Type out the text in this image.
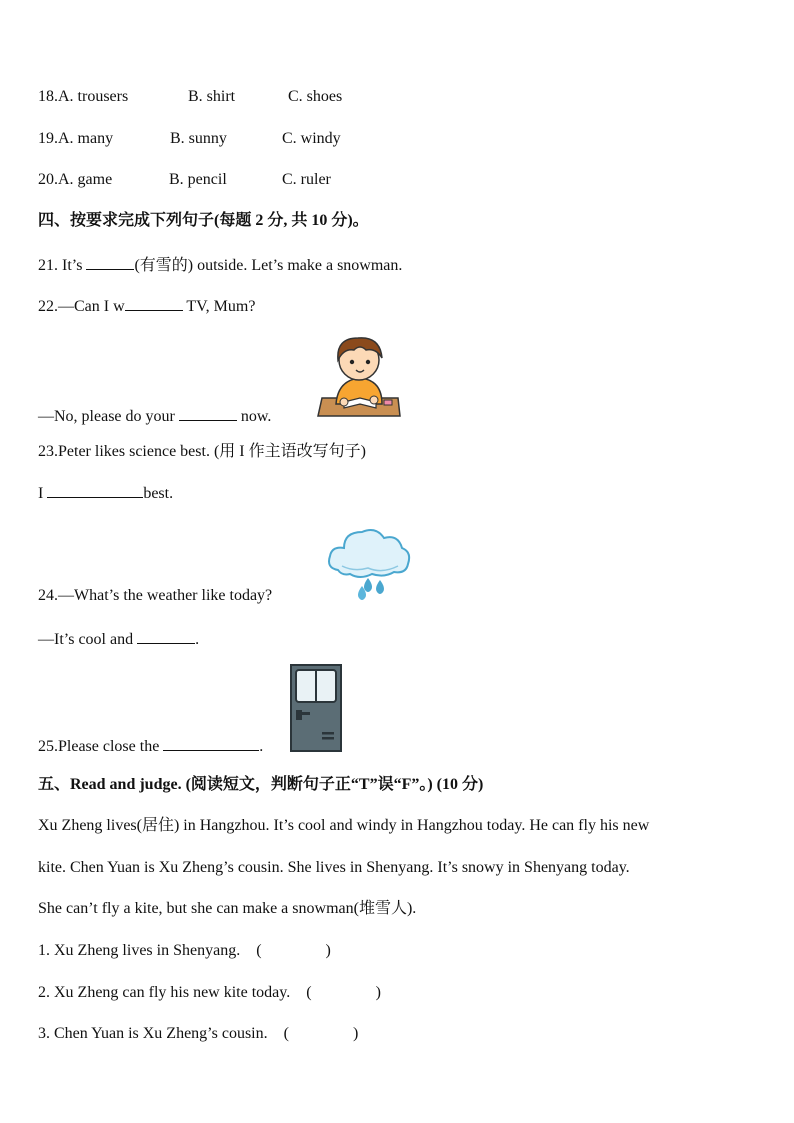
18.A. trousers	B. shirt	C. shoes
19.A. many	B. sunny	C. windy
20.A. game	B. pencil	C. ruler
四、按要求完成下列句子(每题 2 分, 共 10 分)。
21. It’s	(有雪的) outside. Let’s make a snowman.
22.—Can I w	TV, Mum?
—No, please do your	now.
23.Peter likes science best. (用 I 作主语改写句子)
I	best.
24.—What’s the weather like today?
—It’s cool and	.
25.Please close the	.
五、Read and judge. (阅读短文，判断句子正“T”误“F”。) (10 分)
Xu Zheng lives(居住) in Hangzhou. It’s cool and windy in Hangzhou today. He can fly his new
kite. Chen Yuan is Xu Zheng’s cousin. She lives in Shenyang. It’s snowy in Shenyang today.
She can’t fly a kite, but she can make a snowman(堆雪人).
1. Xu Zheng lives in Shenyang. (　　　　)
2. Xu Zheng can fly his new kite today. (　　　　)
3. Chen Yuan is Xu Zheng’s cousin. (　　　　)
